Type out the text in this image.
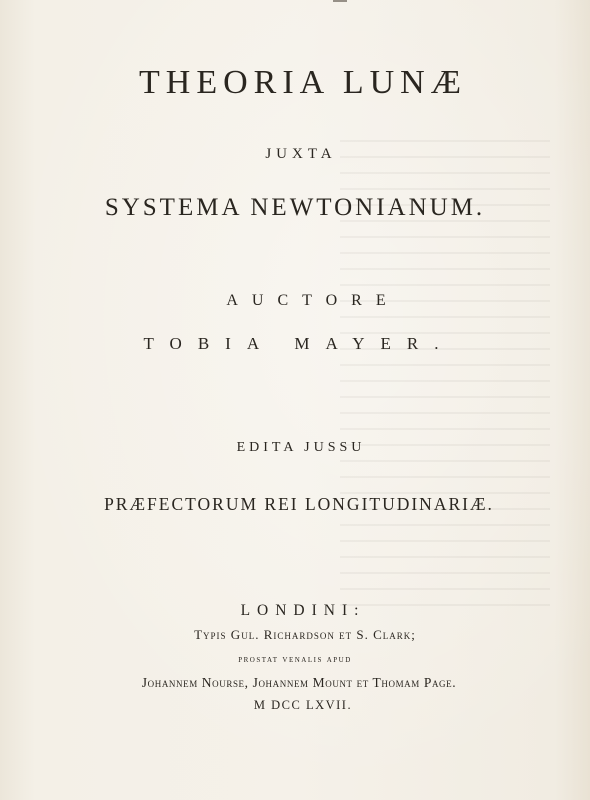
THEORIA LUNÆ
JUXTA
SYSTEMA NEWTONIANUM.
AUCTORE
TOBIA MAYER.
EDITA JUSSU
PRÆFECTORUM REI LONGITUDINARIÆ.
LONDINI:
Typis Gul. Richardson et S. Clark;
prostat venalis apud
Johannem Nourse, Johannem Mount et Thomam Page.
M DCC LXVII.
